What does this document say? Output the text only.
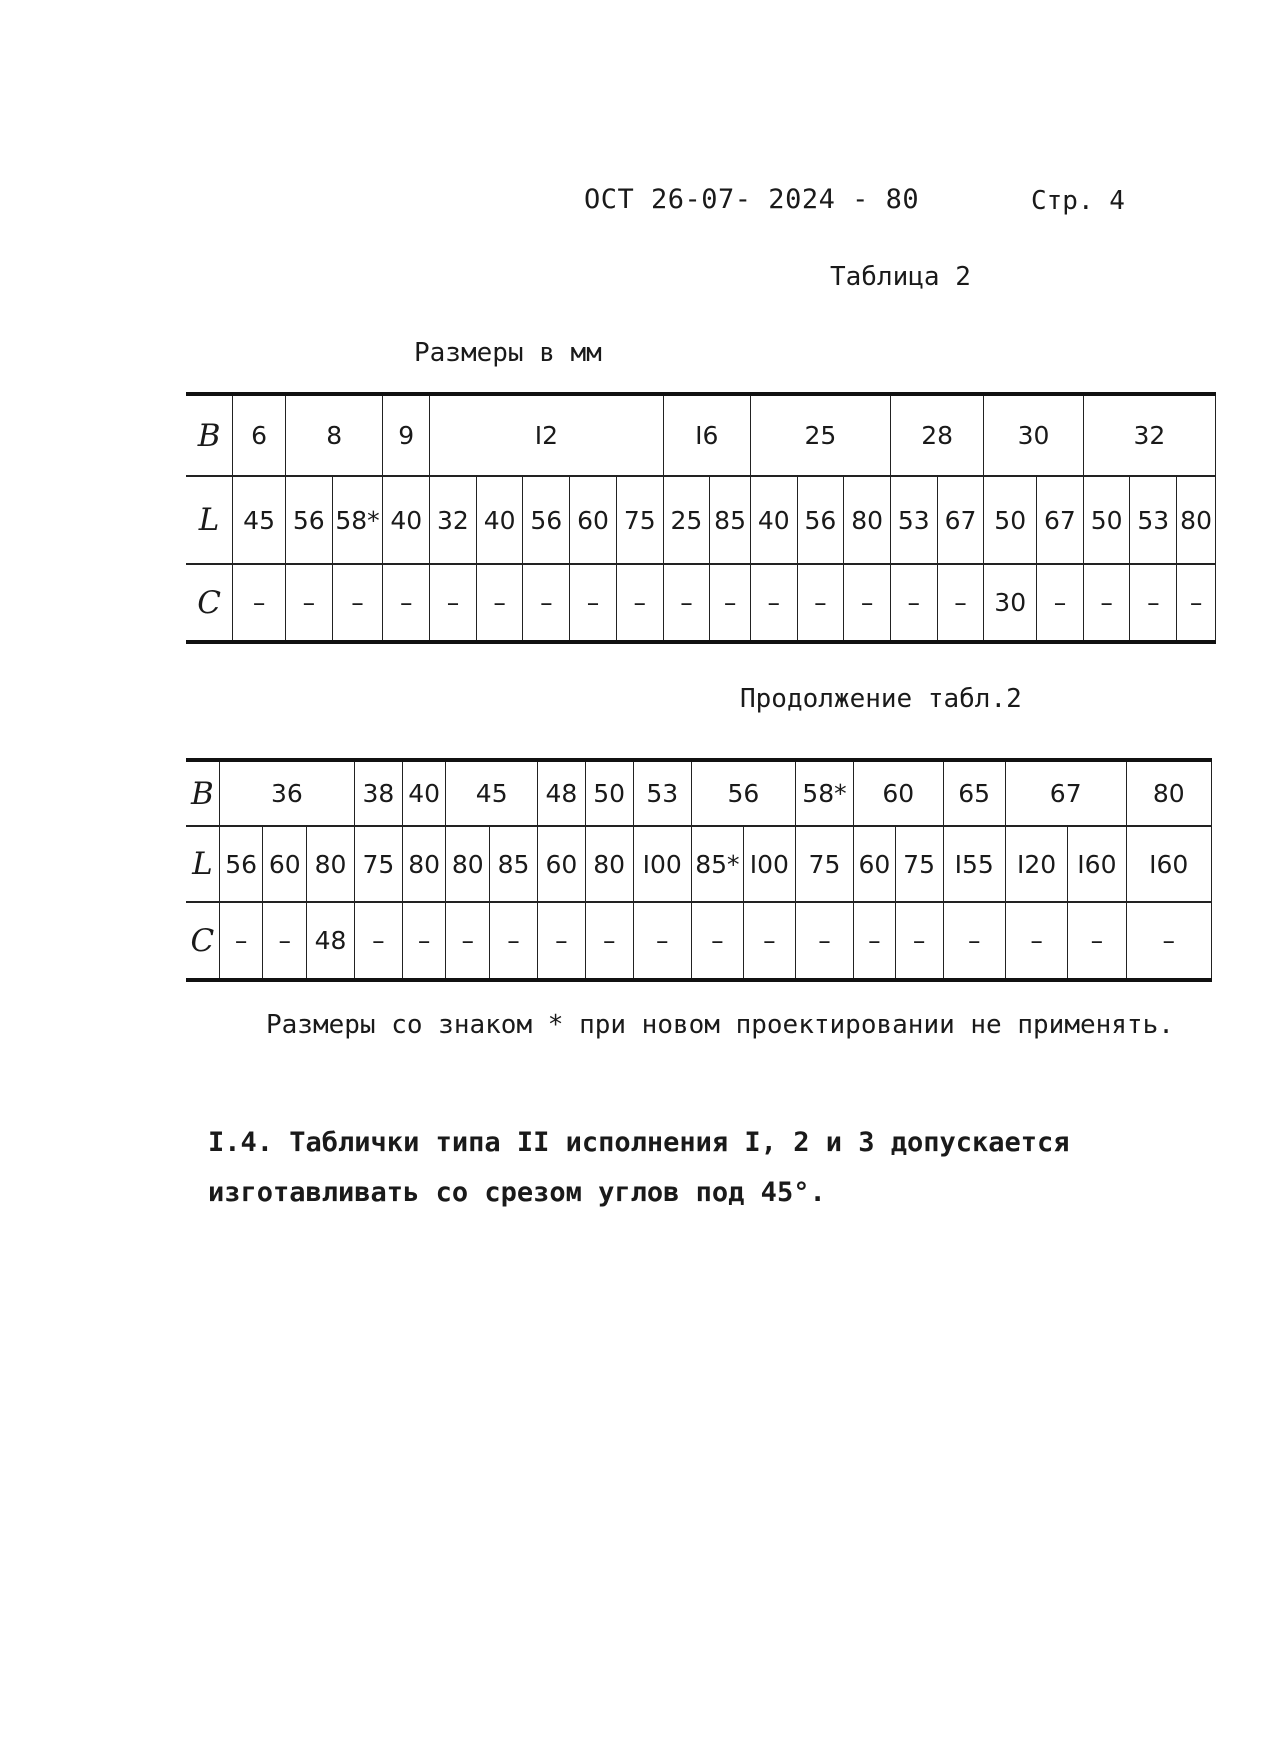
ОСТ 26-07- 2024 - 80	Стр. 4
Таблица 2
Размеры в мм
B	6	8		9	I2					I6		25			28		30		32		
L	45	56	58*	40	32	40	56	60	75	25	85	40	56	80	53	67	50	67	50	53	80
C	–	–	–	–	–	–	–	–	–	–	–	–	–	–	–	–	30	–	–	–	–
Продолжение табл.2
B	36			38	40	45		48	50	53	56		58*	60		65	67		80
L	56	60	80	75	80	80	85	60	80	I00	85*	I00	75	60	75	I55	I20	I60	I60
C	–	–	48	–	–	–	–	–	–	–	–	–	–	–	–	–	–	–	–
Размеры со знаком * при новом проектировании не применять.
I.4. Таблички типа II исполнения I, 2 и 3 допускается
изготавливать со срезом углов под 45°.
